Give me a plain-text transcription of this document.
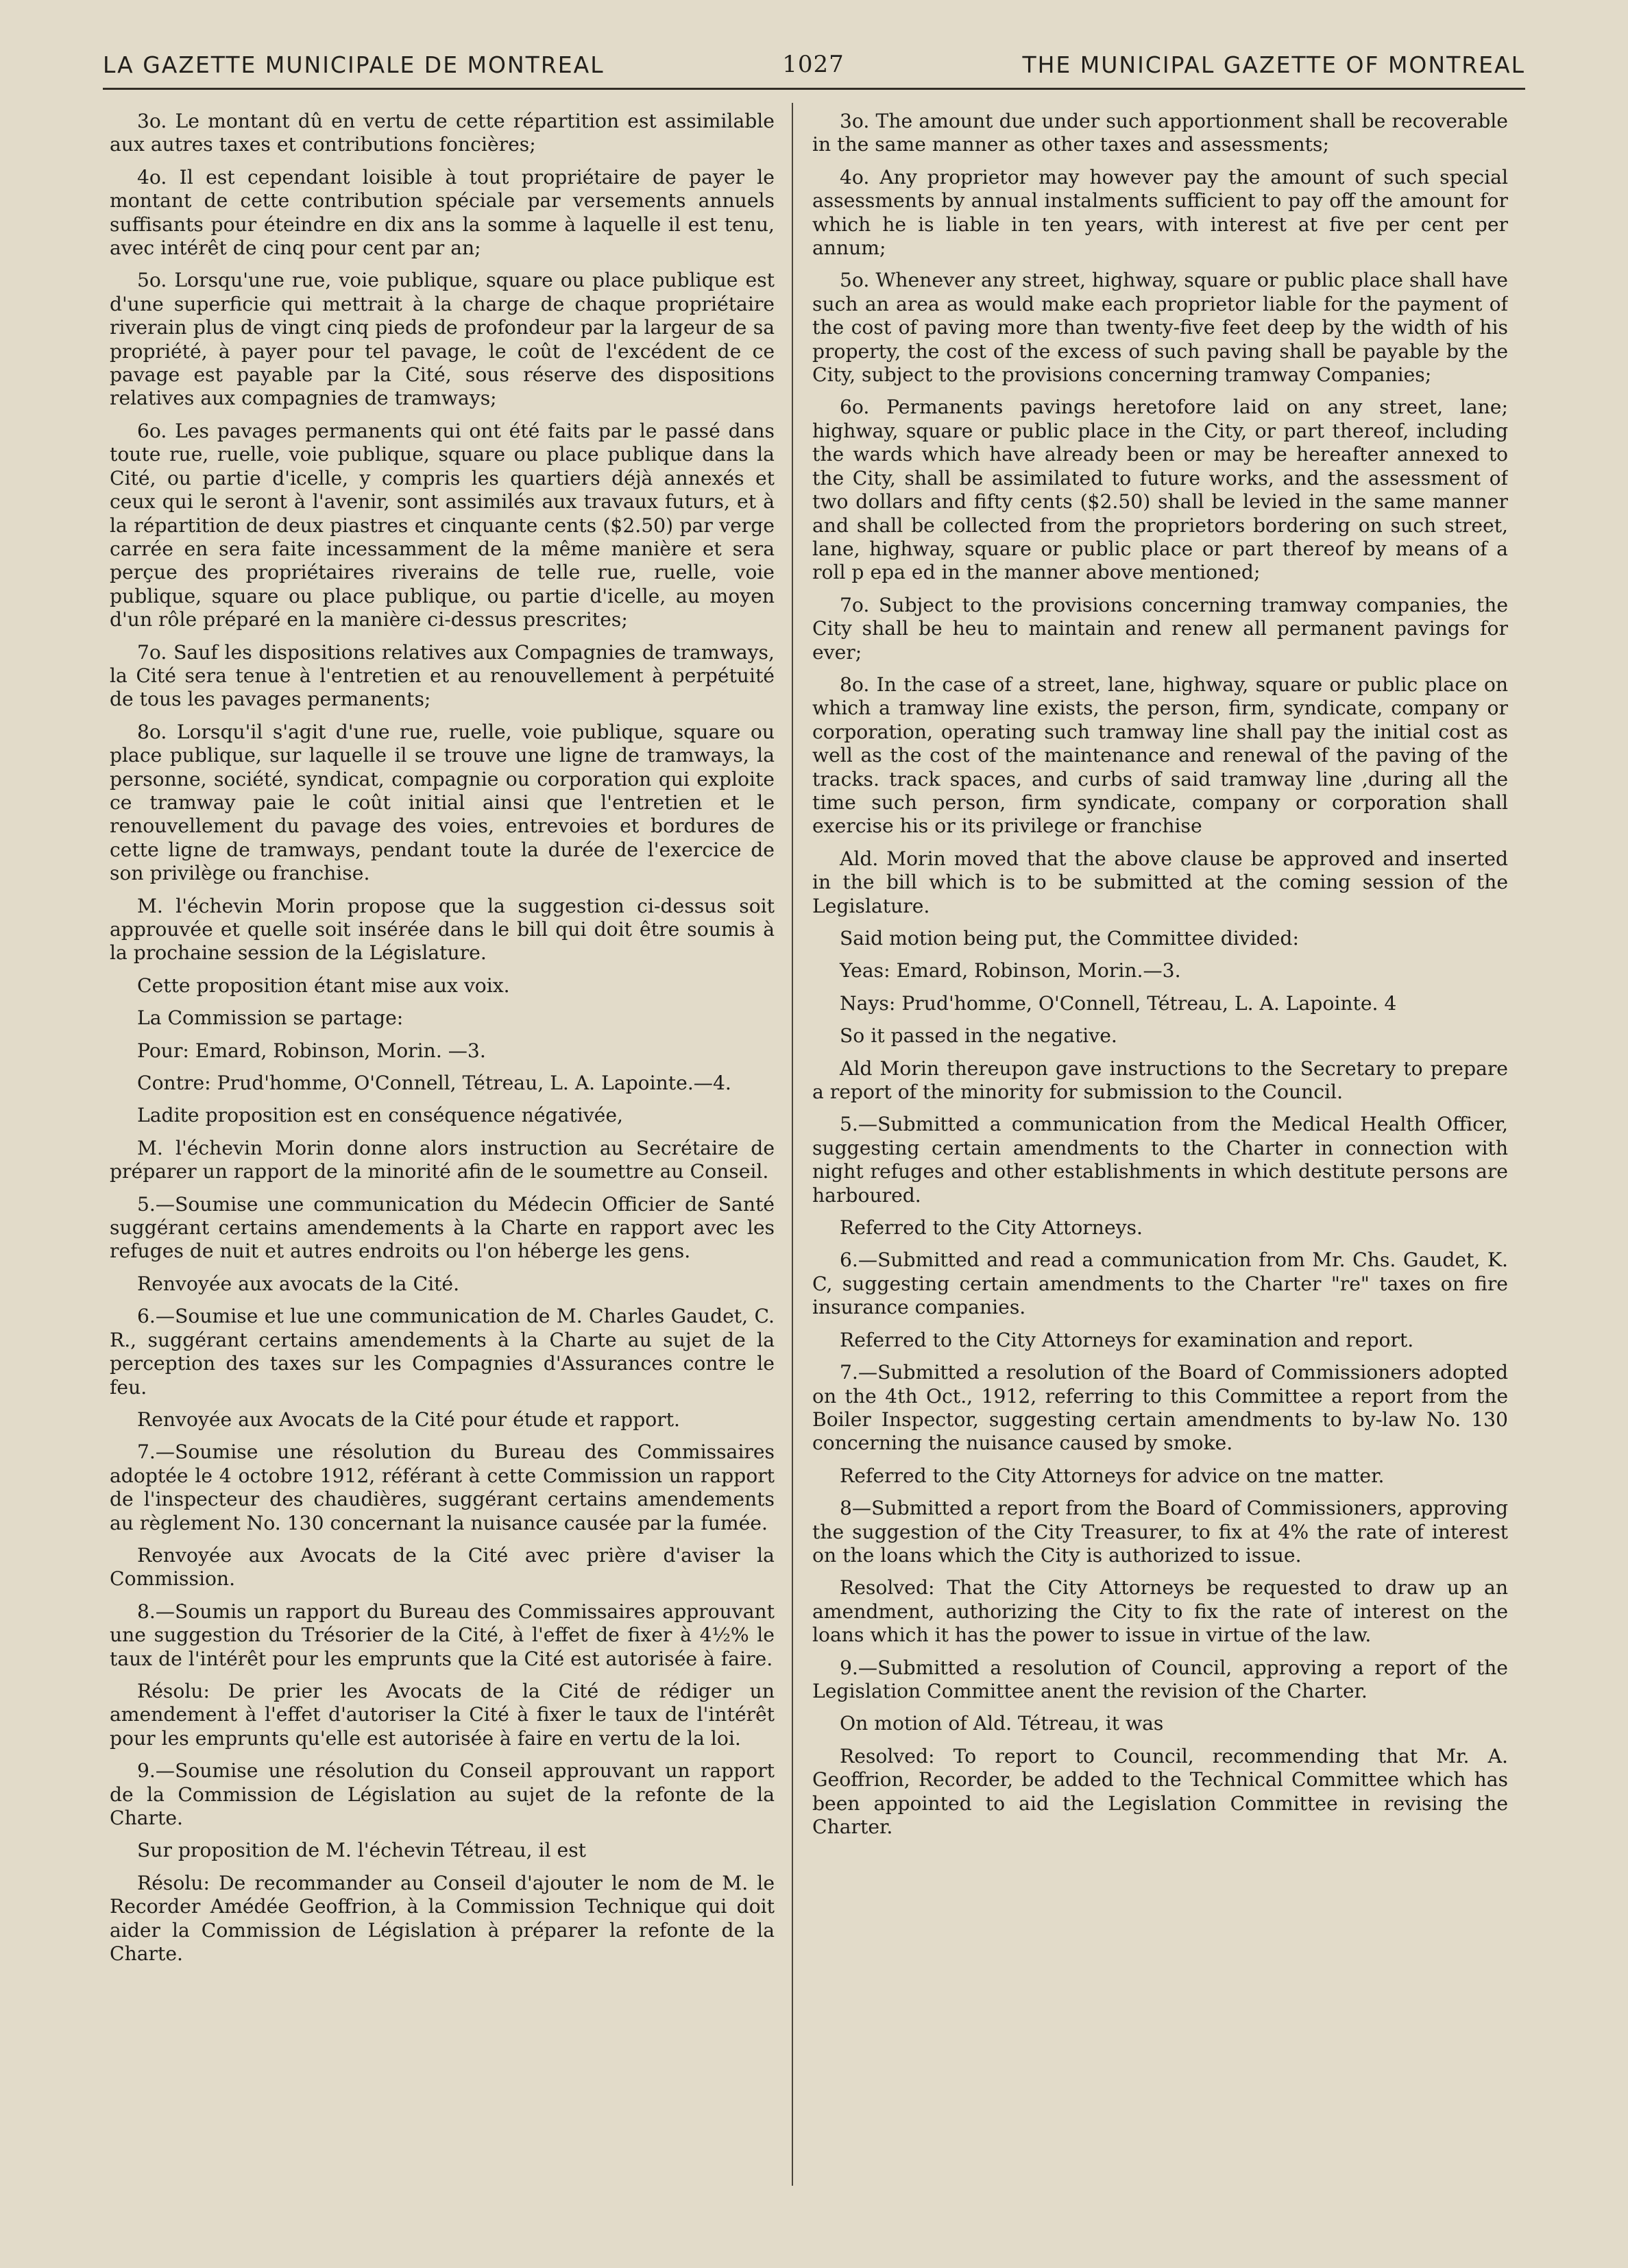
LA GAZETTE MUNICIPALE DE MONTREAL	1027	THE MUNICIPAL GAZETTE OF MONTREAL

3o. Le montant dû en vertu de cette répartition est assimilable aux autres taxes et contributions foncières;

4o. Il est cependant loisible à tout propriétaire de payer le montant de cette contribution spéciale par versements annuels suffisants pour éteindre en dix ans la somme à laquelle il est tenu, avec intérêt de cinq pour cent par an;

5o. Lorsqu'une rue, voie publique, square ou place publique est d'une superficie qui mettrait à la charge de chaque propriétaire riverain plus de vingt cinq pieds de profondeur par la largeur de sa propriété, à payer pour tel pavage, le coût de l'excédent de ce pavage est payable par la Cité, sous réserve des dispositions relatives aux compagnies de tramways;

6o. Les pavages permanents qui ont été faits par le passé dans toute rue, ruelle, voie publique, square ou place publique dans la Cité, ou partie d'icelle, y compris les quartiers déjà annexés et ceux qui le seront à l'avenir, sont assimilés aux travaux futurs, et à la répartition de deux piastres et cinquante cents ($2.50) par verge carrée en sera faite incessamment de la même manière et sera perçue des propriétaires riverains de telle rue, ruelle, voie publique, square ou place publique, ou partie d'icelle, au moyen d'un rôle préparé en la manière ci-dessus prescrites;

7o. Sauf les dispositions relatives aux Compagnies de tramways, la Cité sera tenue à l'entretien et au renouvellement à perpétuité de tous les pavages permanents;

8o. Lorsqu'il s'agit d'une rue, ruelle, voie publique, square ou place publique, sur laquelle il se trouve une ligne de tramways, la personne, société, syndicat, compagnie ou corporation qui exploite ce tramway paie le coût initial ainsi que l'entretien et le renouvellement du pavage des voies, entrevoies et bordures de cette ligne de tramways, pendant toute la durée de l'exercice de son privilège ou franchise.

M. l'échevin Morin propose que la suggestion ci-dessus soit approuvée et quelle soit insérée dans le bill qui doit être soumis à la prochaine session de la Législature.

Cette proposition étant mise aux voix.

La Commission se partage:

Pour: Emard, Robinson, Morin. —3.

Contre: Prud'homme, O'Connell, Tétreau, L. A. Lapointe.—4.

Ladite proposition est en conséquence négativée,

M. l'échevin Morin donne alors instruction au Secrétaire de préparer un rapport de la minorité afin de le soumettre au Conseil.

5.—Soumise une communication du Médecin Officier de Santé suggérant certains amendements à la Charte en rapport avec les refuges de nuit et autres endroits ou l'on héberge les gens.

Renvoyée aux avocats de la Cité.

6.—Soumise et lue une communication de M. Charles Gaudet, C. R., suggérant certains amendements à la Charte au sujet de la perception des taxes sur les Compagnies d'Assurances contre le feu.

Renvoyée aux Avocats de la Cité pour étude et rapport.

7.—Soumise une résolution du Bureau des Commissaires adoptée le 4 octobre 1912, référant à cette Commission un rapport de l'inspecteur des chaudières, suggérant certains amendements au règlement No. 130 concernant la nuisance causée par la fumée.

Renvoyée aux Avocats de la Cité avec prière d'aviser la Commission.

8.—Soumis un rapport du Bureau des Commissaires approuvant une suggestion du Trésorier de la Cité, à l'effet de fixer à 4½% le taux de l'intérêt pour les emprunts que la Cité est autorisée à faire.

Résolu: De prier les Avocats de la Cité de rédiger un amendement à l'effet d'autoriser la Cité à fixer le taux de l'intérêt pour les emprunts qu'elle est autorisée à faire en vertu de la loi.

9.—Soumise une résolution du Conseil approuvant un rapport de la Commission de Législation au sujet de la refonte de la Charte.

Sur proposition de M. l'échevin Tétreau, il est

Résolu: De recommander au Conseil d'ajouter le nom de M. le Recorder Amédée Geoffrion, à la Commission Technique qui doit aider la Commission de Législation à préparer la refonte de la Charte.

3o. The amount due under such apportionment shall be recoverable in the same manner as other taxes and assessments;

4o. Any proprietor may however pay the amount of such special assessments by annual instalments sufficient to pay off the amount for which he is liable in ten years, with interest at five per cent per annum;

5o. Whenever any street, highway, square or public place shall have such an area as would make each proprietor liable for the payment of the cost of paving more than twenty-five feet deep by the width of his property, the cost of the excess of such paving shall be payable by the City, subject to the provisions concerning tramway Companies;

6o. Permanents pavings heretofore laid on any street, lane; highway, square or public place in the City, or part thereof, including the wards which have already been or may be hereafter annexed to the City, shall be assimilated to future works, and the assessment of two dollars and fifty cents ($2.50) shall be levied in the same manner and shall be collected from the proprietors bordering on such street, lane, highway, square or public place or part thereof by means of a roll p epa ed in the manner above mentioned;

7o. Subject to the provisions concerning tramway companies, the City shall be heu to maintain and renew all permanent pavings for ever;

8o. In the case of a street, lane, highway, square or public place on which a tramway line exists, the person, firm, syndicate, company or corporation, operating such tramway line shall pay the initial cost as well as the cost of the maintenance and renewal of the paving of the tracks. track spaces, and curbs of said tramway line ,during all the time such person, firm syndicate, company or corporation shall exercise his or its privilege or franchise

Ald. Morin moved that the above clause be approved and inserted in the bill which is to be submitted at the coming session of the Legislature.

Said motion being put, the Committee divided:

Yeas: Emard, Robinson, Morin.—3.

Nays: Prud'homme, O'Connell, Tétreau, L. A. Lapointe. 4

So it passed in the negative.

Ald Morin thereupon gave instructions to the Secretary to prepare a report of the minority for submission to the Council.

5.—Submitted a communication from the Medical Health Officer, suggesting certain amendments to the Charter in connection with night refuges and other establishments in which destitute persons are harboured.

Referred to the City Attorneys.

6.—Submitted and read a communication from Mr. Chs. Gaudet, K. C, suggesting certain amendments to the Charter "re" taxes on fire insurance companies.

Referred to the City Attorneys for examination and report.

7.—Submitted a resolution of the Board of Commissioners adopted on the 4th Oct., 1912, referring to this Committee a report from the Boiler Inspector, suggesting certain amendments to by-law No. 130 concerning the nuisance caused by smoke.

Referred to the City Attorneys for advice on tne matter.

8—Submitted a report from the Board of Commissioners, approving the suggestion of the City Treasurer, to fix at 4% the rate of interest on the loans which the City is authorized to issue.

Resolved: That the City Attorneys be requested to draw up an amendment, authorizing the City to fix the rate of interest on the loans which it has the power to issue in virtue of the law.

9.—Submitted a resolution of Council, approving a report of the Legislation Committee anent the revision of the Charter.

On motion of Ald. Tétreau, it was

Resolved: To report to Council, recommending that Mr. A. Geoffrion, Recorder, be added to the Technical Committee which has been appointed to aid the Legislation Committee in revising the Charter.
